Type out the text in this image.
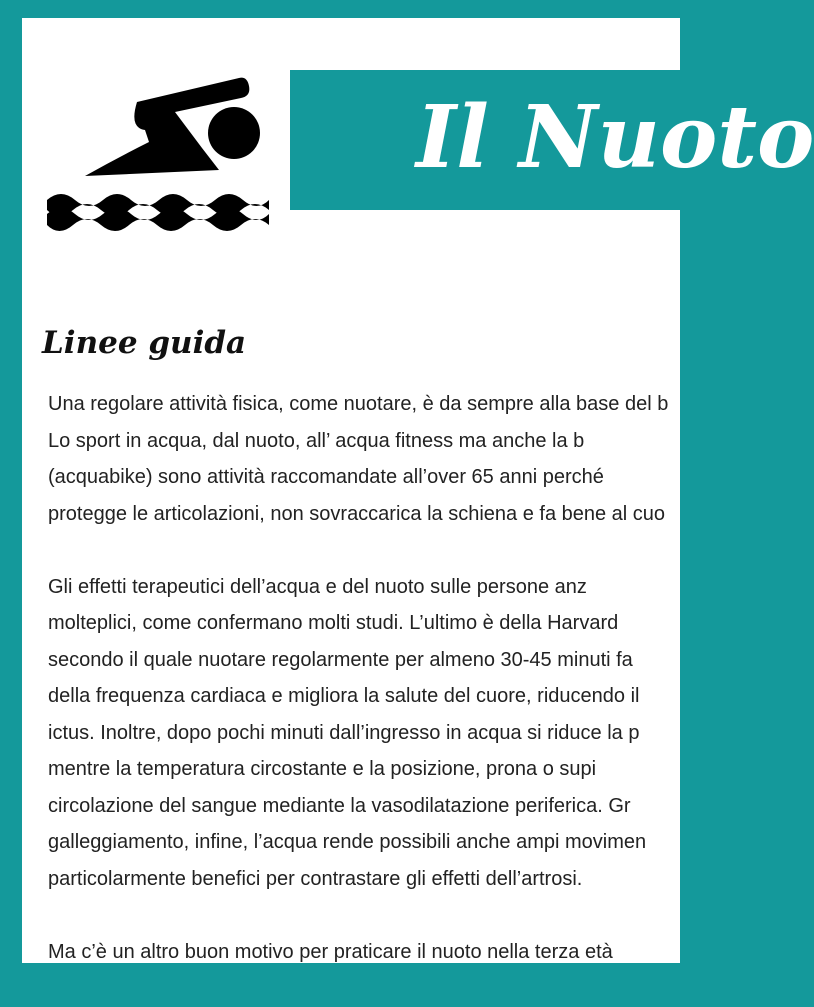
Il Nuoto
Linee guida

Una regolare attività fisica, come nuotare, è da sempre alla base del b
Lo sport in acqua, dal nuoto, all’ acqua fitness ma anche la b
(acquabike) sono attività raccomandate all’over 65 anni perché
protegge le articolazioni, non sovraccarica la schiena e fa bene al cuo

Gli effetti terapeutici dell’acqua e del nuoto sulle persone anz
molteplici, come confermano molti studi. L’ultimo è della Harvard
secondo il quale nuotare regolarmente per almeno 30-45 minuti fa
della frequenza cardiaca e migliora la salute del cuore, riducendo il
ictus. Inoltre, dopo pochi minuti dall’ingresso in acqua si riduce la p
mentre la temperatura circostante e la posizione, prona o supi
circolazione del sangue mediante la vasodilatazione periferica. Gr
galleggiamento, infine, l’acqua rende possibili anche ampi movimen
particolarmente benefici per contrastare gli effetti dell’artrosi.

Ma c’è un altro buon motivo per praticare il nuoto nella terza età
